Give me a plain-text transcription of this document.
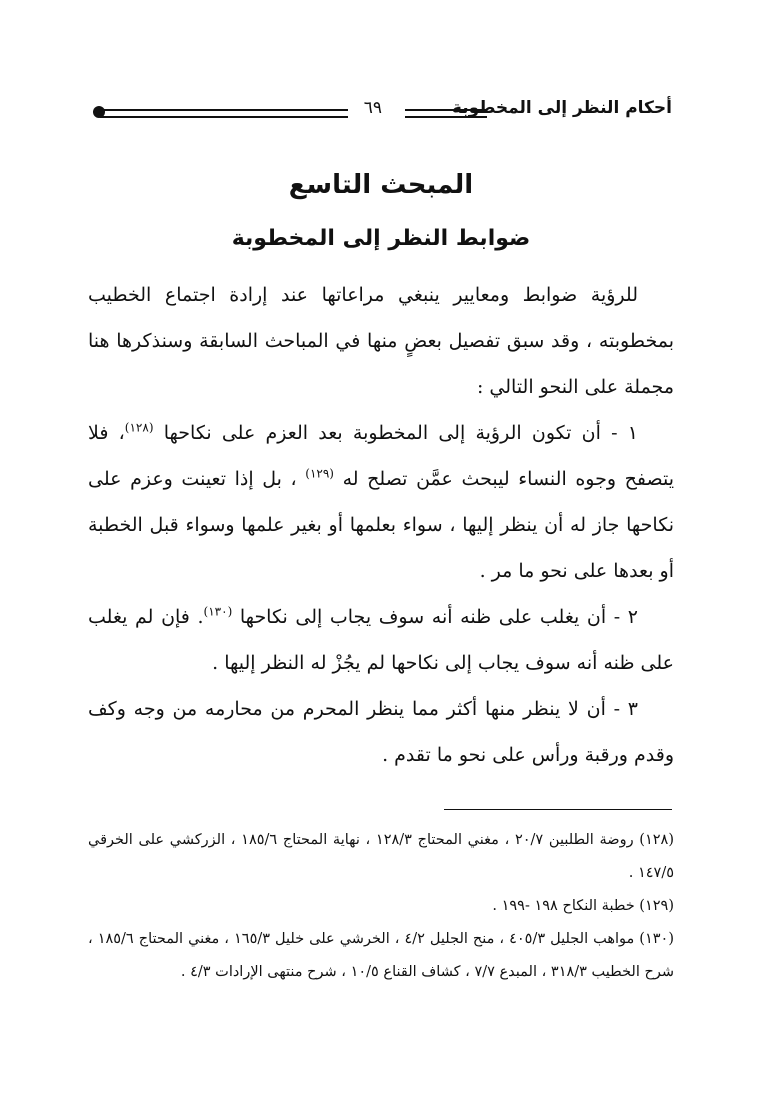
أحكام النظر إلى المخطوبة
٦٩
المبحث التاسع
ضوابط النظر إلى المخطوبة

للرؤية ضوابط ومعايير ينبغي مراعاتها عند إرادة اجتماع الخطيب بمخطوبته ، وقد سبق تفصيل بعضٍ منها في المباحث السابقة وسنذكرها هنا مجملة على النحو التالي :

١ - أن تكون الرؤية إلى المخطوبة بعد العزم على نكاحها $^{(١٢٨)}$، فلا يتصفح وجوه النساء ليبحث عمَّن تصلح له $^{(١٢٩)}$ ، بل إذا تعينت وعزم على نكاحها جاز له أن ينظر إليها ، سواء بعلمها أو بغير علمها وسواء قبل الخطبة أو بعدها على نحو ما مر .

٢ - أن يغلب على ظنه أنه سوف يجاب إلى نكاحها $^{(١٣٠)}$. فإن لم يغلب على ظنه أنه سوف يجاب إلى نكاحها لم يجُزْ له النظر إليها .

٣ - أن لا ينظر منها أكثر مما ينظر المحرم من محارمه من وجه وكف وقدم ورقبة ورأس على نحو ما تقدم .

(١٢٨) روضة الطلبين ٢٠/٧ ، مغني المحتاج ١٢٨/٣ ، نهاية المحتاج ١٨٥/٦ ، الزركشي على الخرقي ١٤٧/٥ .

(١٢٩) خطبة النكاح ١٩٨ -١٩٩ .

(١٣٠) مواهب الجليل ٤٠٥/٣ ، منح الجليل ٤/٢ ، الخرشي على خليل ١٦٥/٣ ، مغني المحتاج ١٨٥/٦ ، شرح الخطيب ٣١٨/٣ ، المبدع ٧/٧ ، كشاف القناع ١٠/٥ ، شرح منتهى الإرادات ٤/٣ .
